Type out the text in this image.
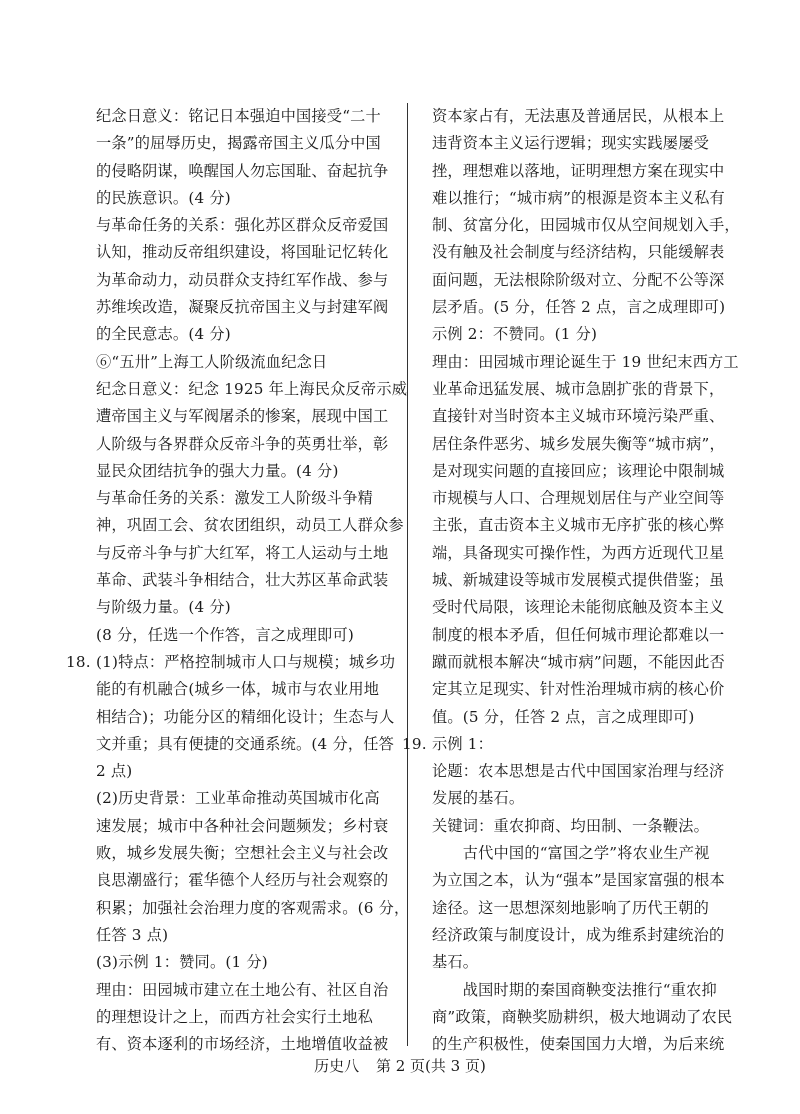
纪念日意义：铭记日本强迫中国接受“二十
一条”的屈辱历史，揭露帝国主义瓜分中国
的侵略阴谋，唤醒国人勿忘国耻、奋起抗争
的民族意识。(4 分)
与革命任务的关系：强化苏区群众反帝爱国
认知，推动反帝组织建设，将国耻记忆转化
为革命动力，动员群众支持红军作战、参与
苏维埃改造，凝聚反抗帝国主义与封建军阀
的全民意志。(4 分)
⑥“五卅”上海工人阶级流血纪念日
纪念日意义：纪念 1925 年上海民众反帝示威
遭帝国主义与军阀屠杀的惨案，展现中国工
人阶级与各界群众反帝斗争的英勇壮举，彰
显民众团结抗争的强大力量。(4 分)
与革命任务的关系：激发工人阶级斗争精
神，巩固工会、贫农团组织，动员工人群众参
与反帝斗争与扩大红军，将工人运动与土地
革命、武装斗争相结合，壮大苏区革命武装
与阶级力量。(4 分)
(8 分，任选一个作答，言之成理即可)
18. (1)特点：严格控制城市人口与规模；城乡功
能的有机融合(城乡一体，城市与农业用地
相结合)；功能分区的精细化设计；生态与人
文并重；具有便捷的交通系统。(4 分，任答
2 点)
(2)历史背景：工业革命推动英国城市化高
速发展；城市中各种社会问题频发；乡村衰
败，城乡发展失衡；空想社会主义与社会改
良思潮盛行；霍华德个人经历与社会观察的
积累；加强社会治理力度的客观需求。(6 分，
任答 3 点)
(3)示例 1：赞同。(1 分)
理由：田园城市建立在土地公有、社区自治
的理想设计之上，而西方社会实行土地私
有、资本逐利的市场经济，土地增值收益被
资本家占有，无法惠及普通居民，从根本上
违背资本主义运行逻辑；现实实践屡屡受
挫，理想难以落地，证明理想方案在现实中
难以推行；“城市病”的根源是资本主义私有
制、贫富分化，田园城市仅从空间规划入手，
没有触及社会制度与经济结构，只能缓解表
面问题，无法根除阶级对立、分配不公等深
层矛盾。(5 分，任答 2 点，言之成理即可)
示例 2：不赞同。(1 分)
理由：田园城市理论诞生于 19 世纪末西方工
业革命迅猛发展、城市急剧扩张的背景下，
直接针对当时资本主义城市环境污染严重、
居住条件恶劣、城乡发展失衡等“城市病”，
是对现实问题的直接回应；该理论中限制城
市规模与人口、合理规划居住与产业空间等
主张，直击资本主义城市无序扩张的核心弊
端，具备现实可操作性，为西方近现代卫星
城、新城建设等城市发展模式提供借鉴；虽
受时代局限，该理论未能彻底触及资本主义
制度的根本矛盾，但任何城市理论都难以一
蹴而就根本解决“城市病”问题，不能因此否
定其立足现实、针对性治理城市病的核心价
值。(5 分，任答 2 点，言之成理即可)
19. 示例 1：
论题：农本思想是古代中国国家治理与经济
发展的基石。
关键词：重农抑商、均田制、一条鞭法。
　　古代中国的“富国之学”将农业生产视
为立国之本，认为“强本”是国家富强的根本
途径。这一思想深刻地影响了历代王朝的
经济政策与制度设计，成为维系封建统治的
基石。
　　战国时期的秦国商鞅变法推行“重农抑
商”政策，商鞅奖励耕织，极大地调动了农民
的生产积极性，使秦国国力大增，为后来统
历史八 第 2 页(共 3 页)
